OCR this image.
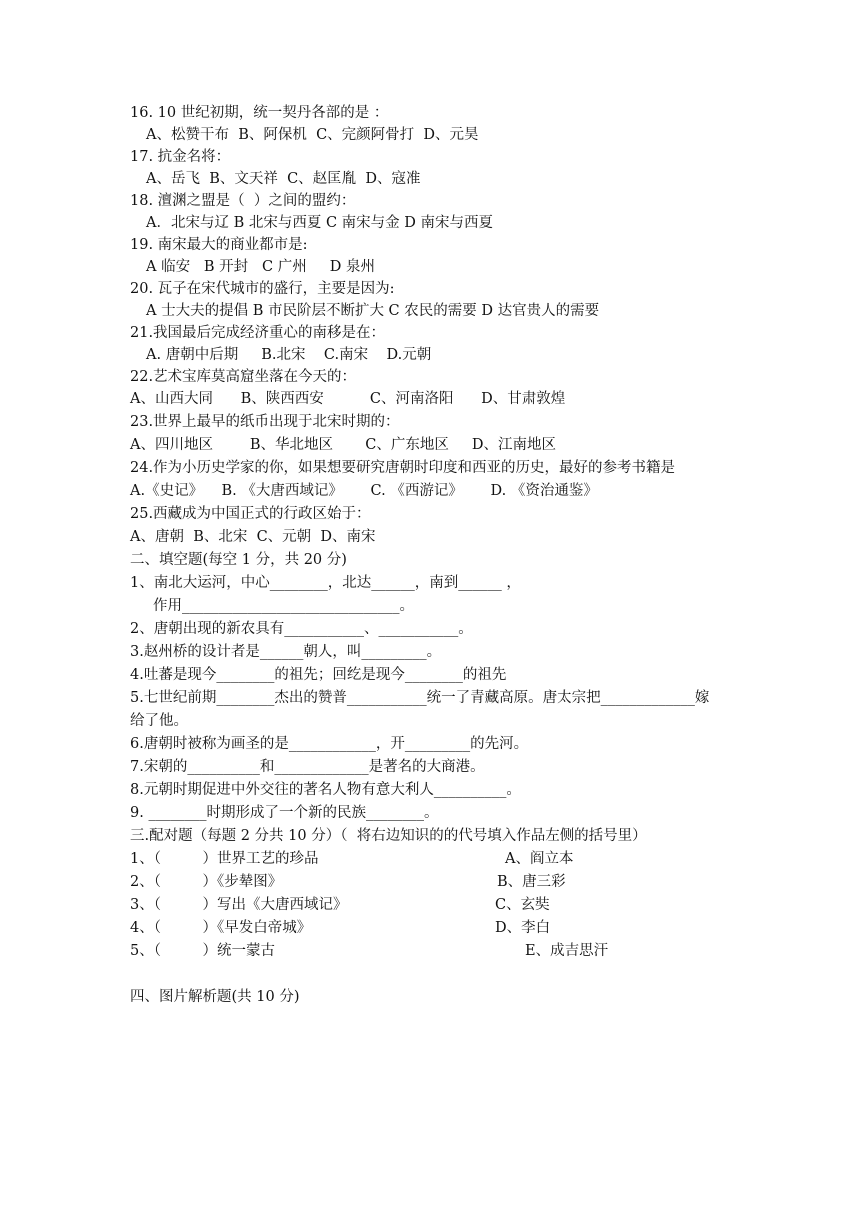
16. 10 世纪初期，统一契丹各部的是 ：
A、松赞干布  B、阿保机  C、完颜阿骨打  D、元昊
17. 抗金名将：
A、岳飞  B、文天祥  C、赵匡胤  D、寇准
18. 澶渊之盟是（  ）之间的盟约：
A．北宋与辽 B 北宋与西夏 C 南宋与金 D 南宋与西夏
19. 南宋最大的商业都市是:
A 临安   B 开封   C 广州     D 泉州
20. 瓦子在宋代城市的盛行，主要是因为:
A 士大夫的提倡 B 市民阶层不断扩大 C 农民的需要 D 达官贵人的需要
21.我国最后完成经济重心的南移是在：
A. 唐朝中后期     B.北宋    C.南宋    D.元朝
22.艺术宝库莫高窟坐落在今天的：
A、山西大同      B、陕西西安          C、河南洛阳      D、甘肃敦煌
23.世界上最早的纸币出现于北宋时期的：
A、四川地区        B、华北地区       C、广东地区     D、江南地区
24.作为小历史学家的你，如果想要研究唐朝时印度和西亚的历史，最好的参考书籍是
A.《史记》    B. 《大唐西域记》      C. 《西游记》      D. 《资治通鉴》
25.西藏成为中国正式的行政区始于：
A、唐朝  B、北宋  C、元朝  D、南宋
二、填空题(每空 1 分，共 20 分)
1、南北大运河，中心________，北达______，南到______ ，
作用______________________________。
2、唐朝出现的新农具有___________、___________。
3.赵州桥的设计者是______朝人，叫_________。
4.吐蕃是现今________的祖先；回纥是现今________的祖先
5.七世纪前期________杰出的赞普___________统一了青藏高原。唐太宗把_____________嫁
给了他。
6.唐朝时被称为画圣的是____________，开_________的先河。
7.宋朝的__________和_____________是著名的大商港。
8.元朝时期促进中外交往的著名人物有意大利人__________。
9. ________时期形成了一个新的民族________。
三.配对题（每题 2 分共 10 分）（  将右边知识的的代号填入作品左侧的括号里）
1、（         ）世界工艺的珍品	A、阎立本
2、（         ）《步辇图》	B、唐三彩
3、（         ）写出《大唐西域记》	C、玄奘
4、（         ）《早发白帝城》	D、李白
5、（         ）统一蒙古	E、成吉思汗
四、图片解析题(共 10 分)
